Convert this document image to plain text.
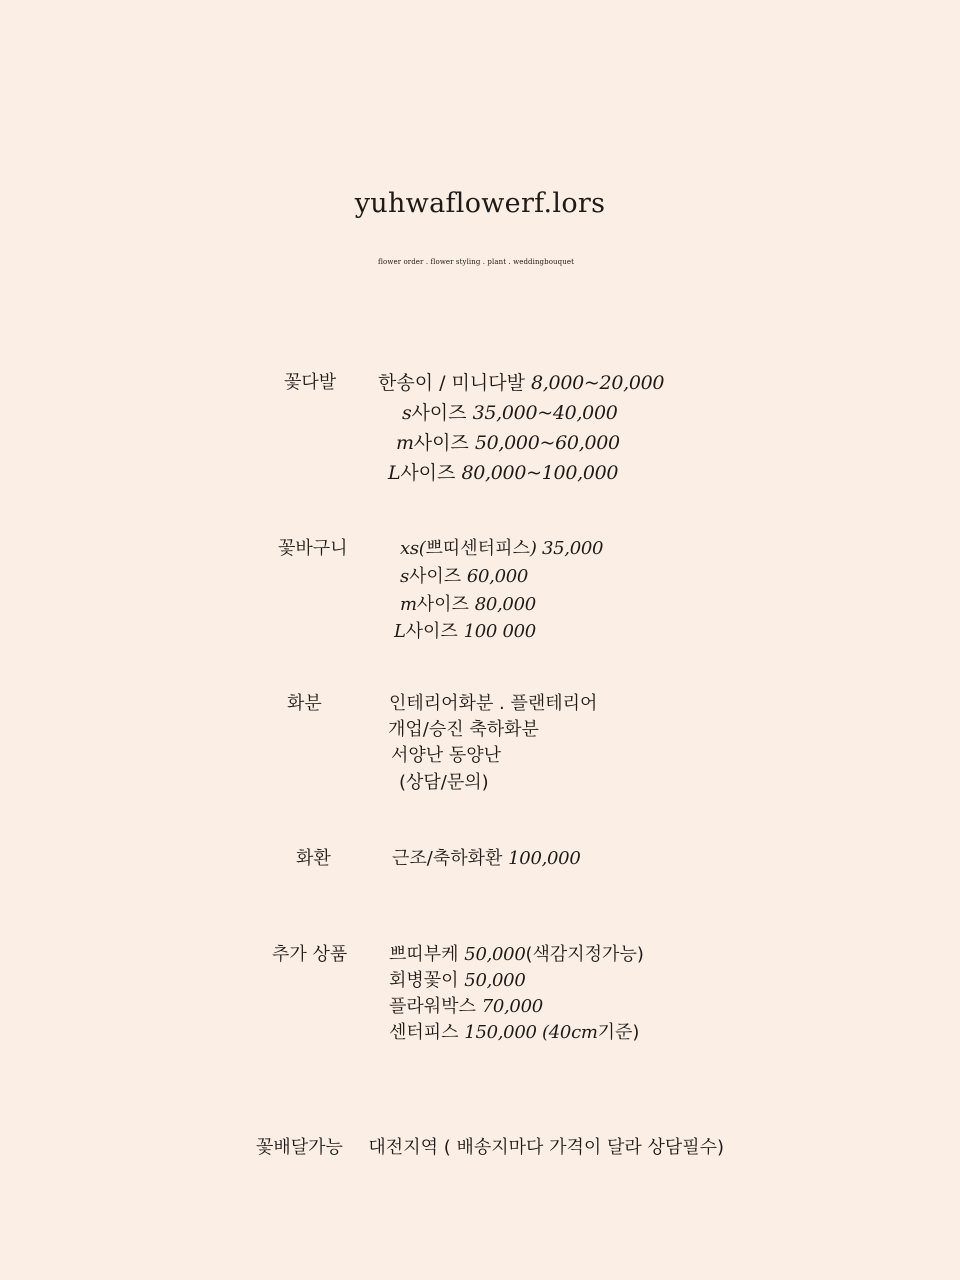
yuhwaflowerf.lors
flower order . flower styling . plant . weddingbouquet
꽃다발 한송이 / 미니다발 8,000~20,000
s사이즈 35,000~40,000
m사이즈 50,000~60,000
L사이즈 80,000~100,000
꽃바구니	xs(쁘띠센터피스) 35,000
s사이즈 60,000
m사이즈 80,000
L사이즈 100 000
화분	인테리어화분 . 플랜테리어
개업/승진 축하화분
서양난 동양난
(상담/문의)
화환	근조/축하화환 100,000
추가 상품 쁘띠부케 50,000(색감지정가능)
회병꽃이 50,000
플라워박스 70,000
센터피스 150,000 (40cm기준)
꽃배달가능 대전지역 ( 배송지마다 가격이 달라 상담필수)
